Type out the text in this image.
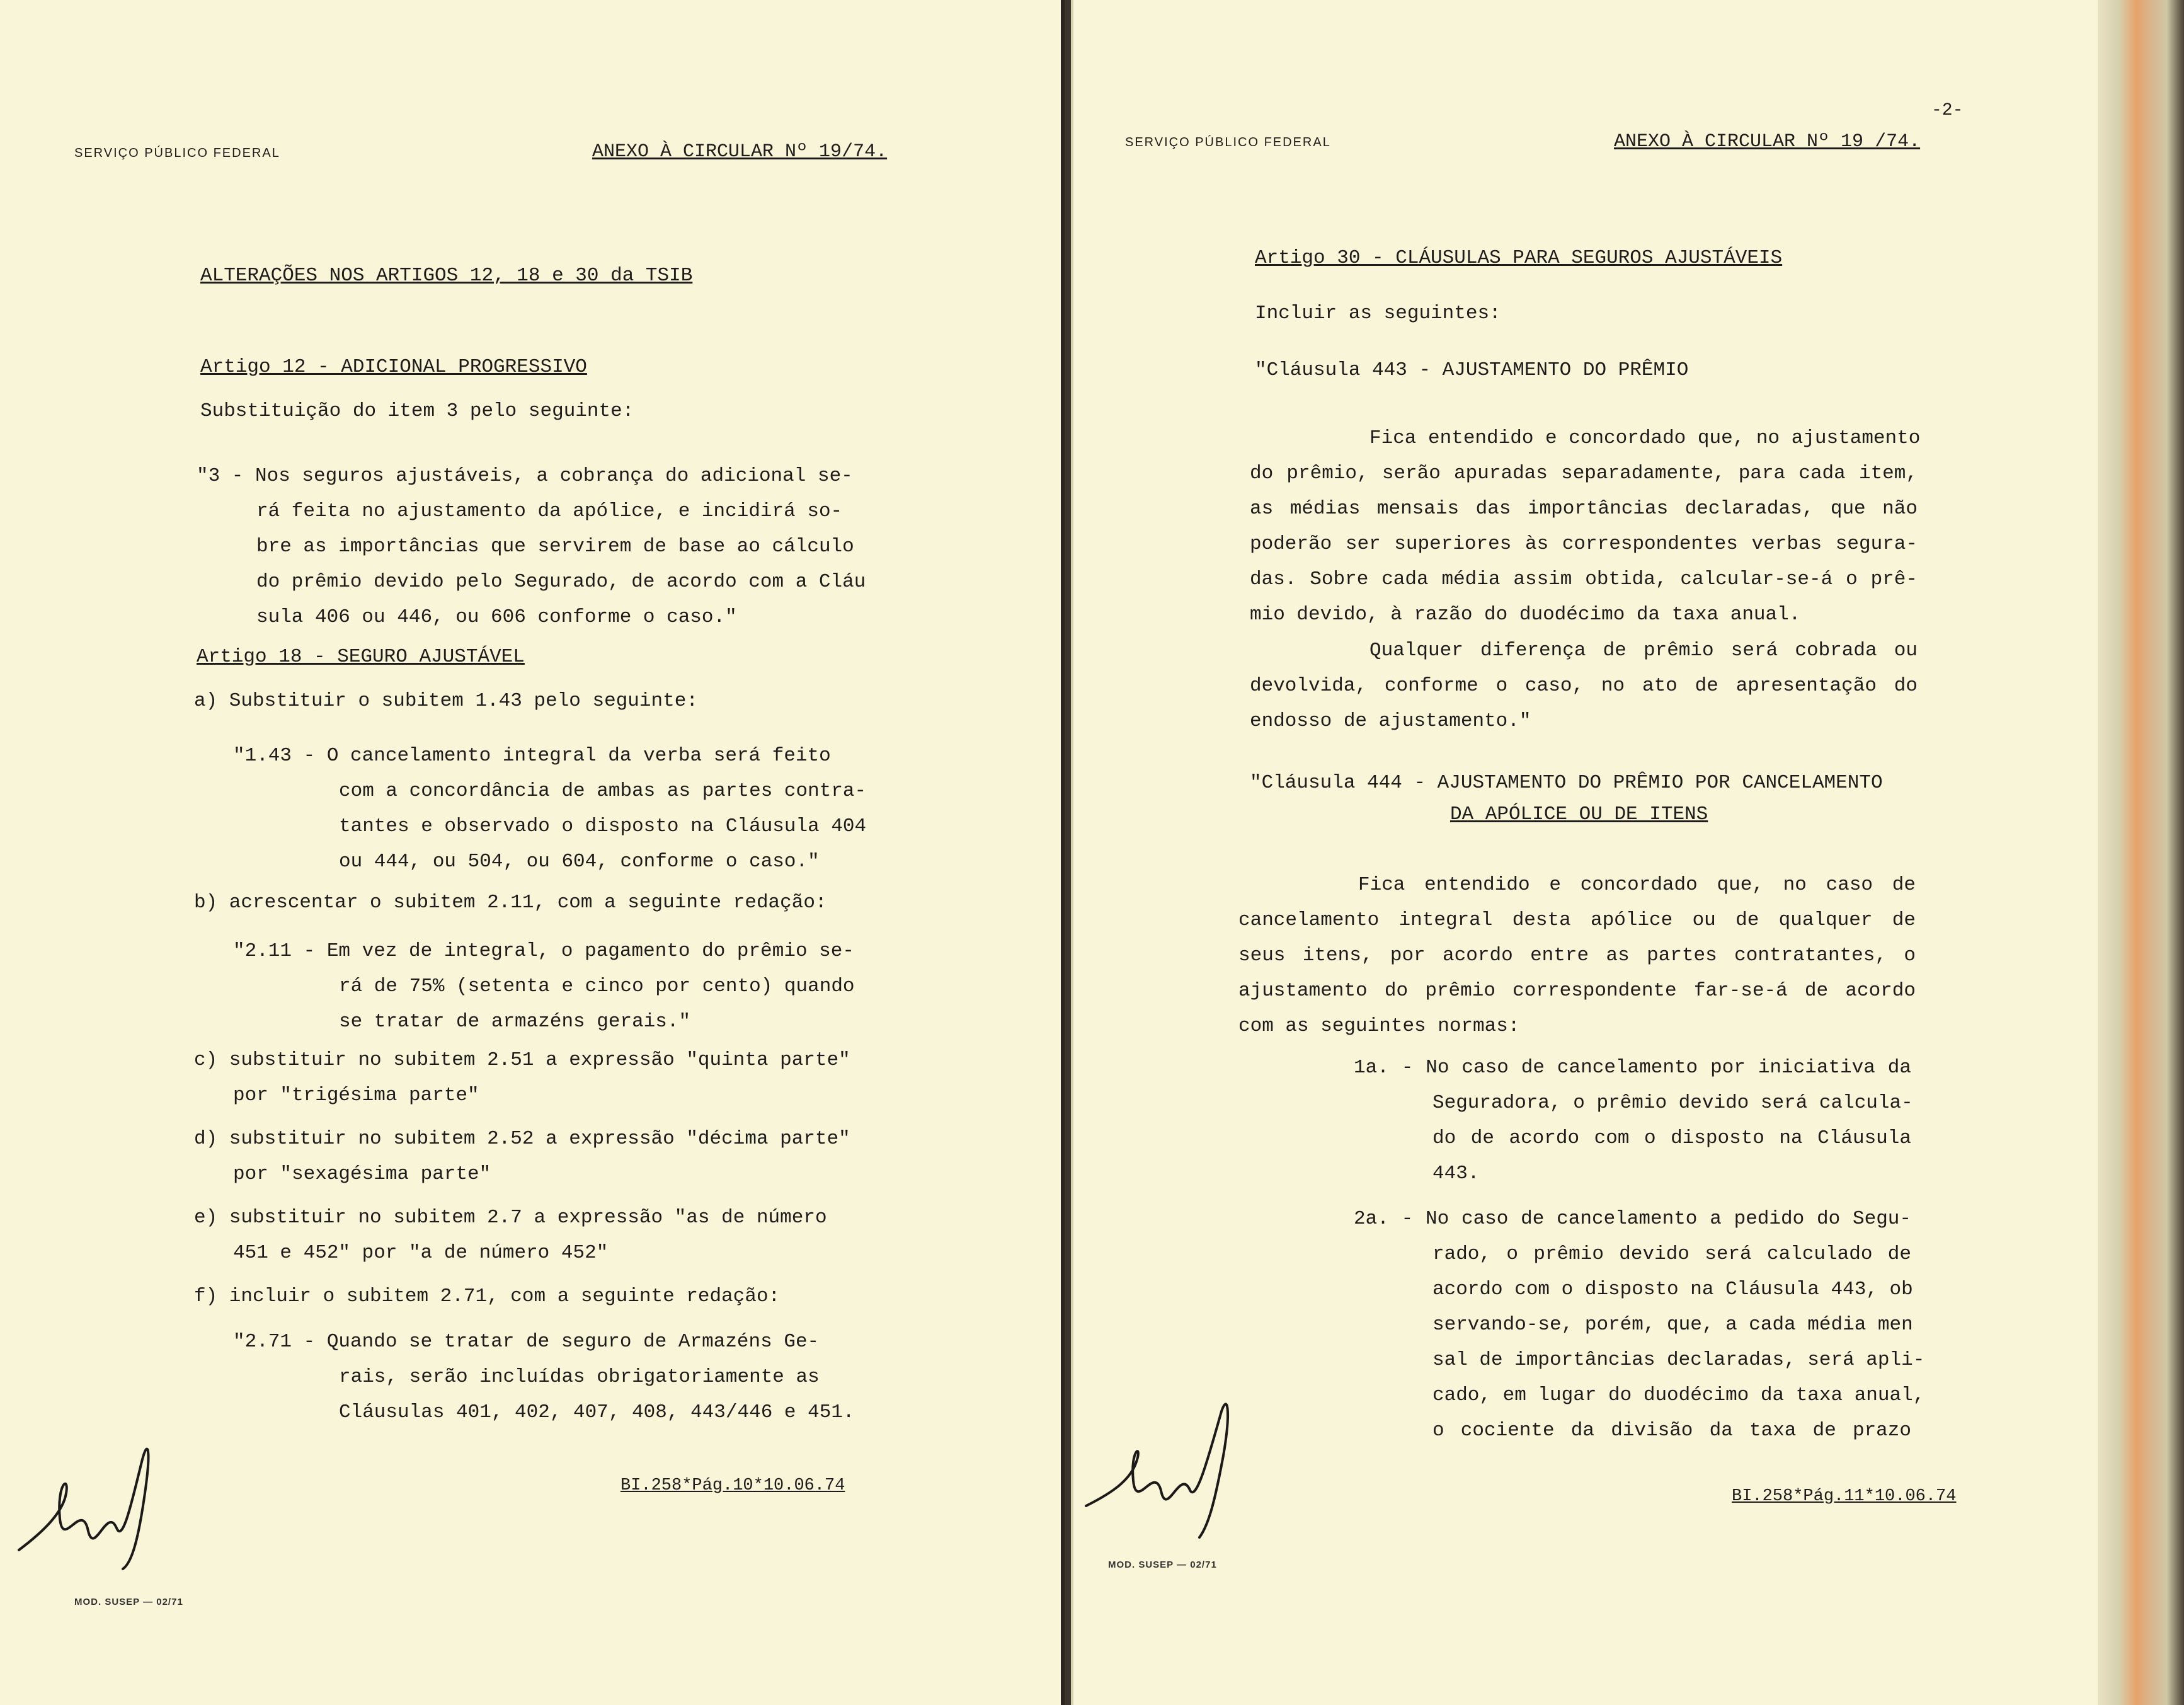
SERVIÇO PÚBLICO FEDERAL	ANEXO À CIRCULAR Nº 19/74.
ALTERAÇÕES NOS ARTIGOS 12, 18 e 30 da TSIB
Artigo 12 - ADICIONAL PROGRESSIVO
Substituição do item 3 pelo seguinte:
"3 - Nos seguros ajustáveis, a cobrança do adicional se-
rá feita no ajustamento da apólice, e incidirá so-
bre as importâncias que servirem de base ao cálculo
do prêmio devido pelo Segurado, de acordo com a Cláu
sula 406 ou 446, ou 606 conforme o caso."
Artigo 18 - SEGURO AJUSTÁVEL
a) Substituir o subitem 1.43 pelo seguinte:
"1.43 - O cancelamento integral da verba será feito
com a concordância de ambas as partes contra-
tantes e observado o disposto na Cláusula 404
ou 444, ou 504, ou 604, conforme o caso."
b) acrescentar o subitem 2.11, com a seguinte redação:
"2.11 - Em vez de integral, o pagamento do prêmio se-
rá de 75% (setenta e cinco por cento) quando
se tratar de armazéns gerais."
c) substituir no subitem 2.51 a expressão "quinta parte"
por "trigésima parte"
d) substituir no subitem 2.52 a expressão "décima parte"
por "sexagésima parte"
e) substituir no subitem 2.7 a expressão "as de número
451 e 452" por "a de número 452"
f) incluir o subitem 2.71, com a seguinte redação:
"2.71 - Quando se tratar de seguro de Armazéns Ge-
rais, serão incluídas obrigatoriamente as
Cláusulas 401, 402, 407, 408, 443/446 e 451.
BI.258*Pág.10*10.06.74
MOD. SUSEP — 02/71
-2-
SERVIÇO PÚBLICO FEDERAL	ANEXO À CIRCULAR Nº 19 /74.
Artigo 30 - CLÁUSULAS PARA SEGUROS AJUSTÁVEIS
Incluir as seguintes:
"Cláusula 443 - AJUSTAMENTO DO PRÊMIO
Fica entendido e concordado que, no ajustamento
do prêmio, serão apuradas separadamente, para cada item,
as médias mensais das importâncias declaradas, que não
poderão ser superiores às correspondentes verbas segura-
das. Sobre cada média assim obtida, calcular-se-á o prê-
mio devido, à razão do duodécimo da taxa anual.
Qualquer diferença de prêmio será cobrada ou
devolvida, conforme o caso, no ato de apresentação do
endosso de ajustamento."
"Cláusula 444 - AJUSTAMENTO DO PRÊMIO POR CANCELAMENTO
DA APÓLICE OU DE ITENS
Fica entendido e concordado que, no caso de
cancelamento integral desta apólice ou de qualquer de
seus itens, por acordo entre as partes contratantes, o
ajustamento do prêmio correspondente far-se-á de acordo
com as seguintes normas:
1a. - No caso de cancelamento por iniciativa da
Seguradora, o prêmio devido será calcula-
do de acordo com o disposto na Cláusula
443.
2a. - No caso de cancelamento a pedido do Segu-
rado, o prêmio devido será calculado de
acordo com o disposto na Cláusula 443, ob
servando-se, porém, que, a cada média men
sal de importâncias declaradas, será apli-
cado, em lugar do duodécimo da taxa anual,
o cociente da divisão da taxa de prazo
BI.258*Pág.11*10.06.74
MOD. SUSEP — 02/71
